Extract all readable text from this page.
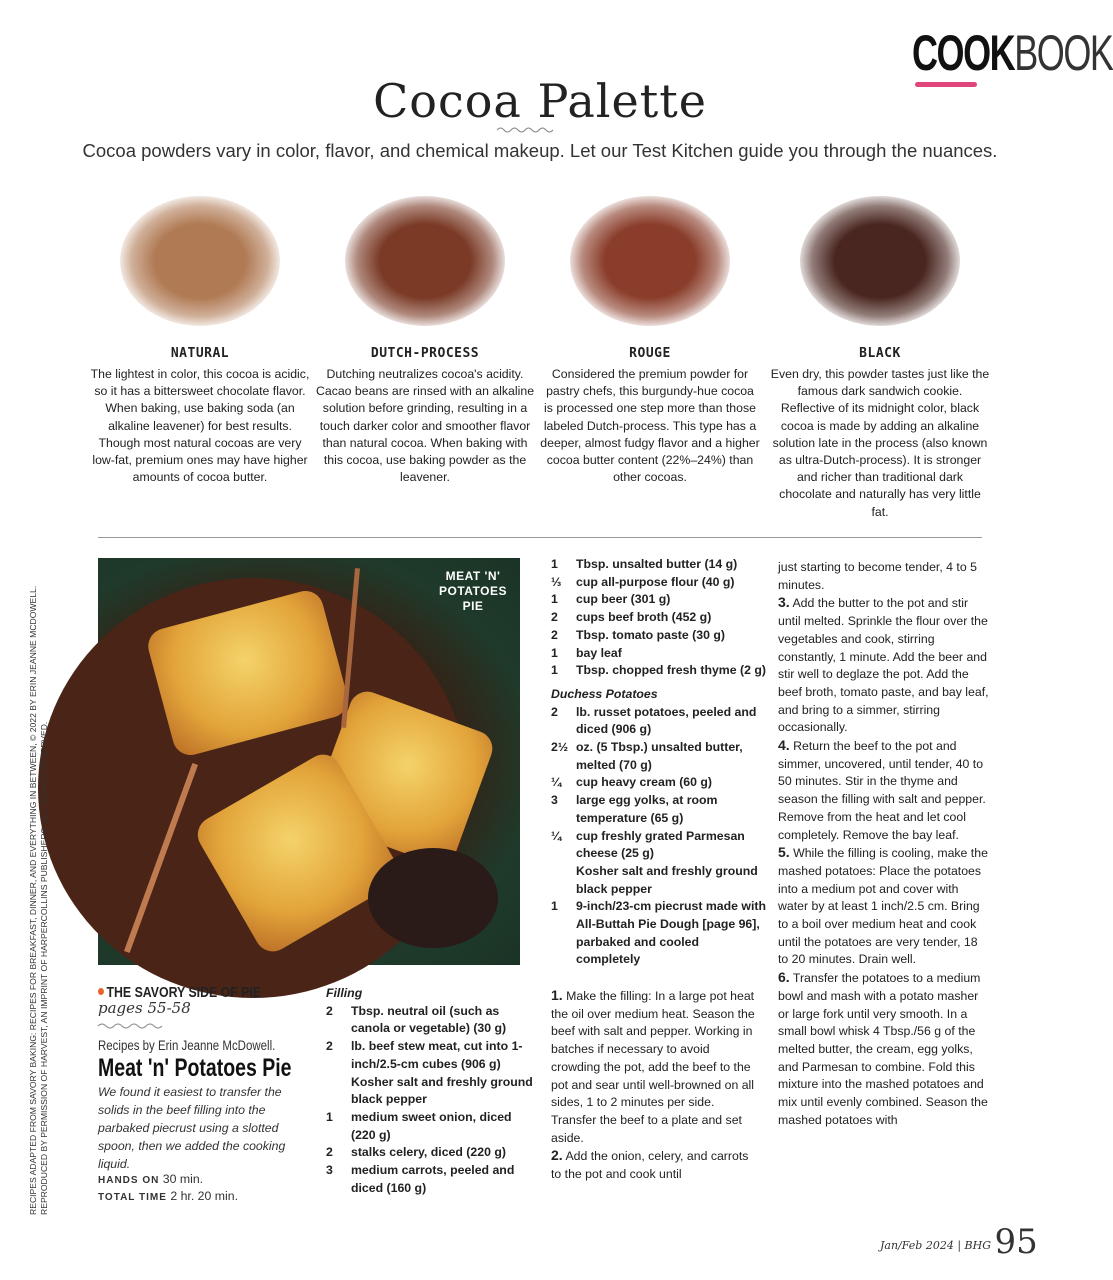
COOKBOOK
Cocoa Palette
Cocoa powders vary in color, flavor, and chemical makeup. Let our Test Kitchen guide you through the nuances.
NATURAL
The lightest in color, this cocoa is acidic, so it has a bittersweet chocolate flavor. When baking, use baking soda (an alkaline leavener) for best results. Though most natural cocoas are very low-fat, premium ones may have higher amounts of cocoa butter.
DUTCH-PROCESS
Dutching neutralizes cocoa's acidity. Cacao beans are rinsed with an alkaline solution before grinding, resulting in a touch darker color and smoother flavor than natural cocoa. When baking with this cocoa, use baking powder as the leavener.
ROUGE
Considered the premium powder for pastry chefs, this burgundy-hue cocoa is processed one step more than those labeled Dutch-process. This type has a deeper, almost fudgy flavor and a higher cocoa butter content (22%–24%) than other cocoas.
BLACK
Even dry, this powder tastes just like the famous dark sandwich cookie. Reflective of its midnight color, black cocoa is made by adding an alkaline solution late in the process (also known as ultra-Dutch-process). It is stronger and richer than traditional dark chocolate and naturally has very little fat.
MEAT 'N' POTATOES PIE
RECIPES ADAPTED FROM SAVORY BAKING: RECIPES FOR BREAKFAST, DINNER, AND EVERYTHING IN BETWEEN, © 2022 BY ERIN JEANNE MCDOWELL. REPRODUCED BY PERMISSION OF HARVEST, AN IMPRINT OF HARPERCOLLINS PUBLISHERS. ALL RIGHTS RESERVED.	THE SAVORY SIDE OF PIE
pages 55-58
Recipes by Erin Jeanne McDowell.
Meat 'n' Potatoes Pie
We found it easiest to transfer the solids in the beef filling into the parbaked piecrust using a slotted spoon, then we added the cooking liquid.
HANDS ON 30 min.
TOTAL TIME 2 hr. 20 min.
Filling
2	Tbsp. neutral oil (such as canola or vegetable) (30 g)
2	lb. beef stew meat, cut into 1-inch/2.5-cm cubes (906 g)
Kosher salt and freshly ground black pepper
1	medium sweet onion, diced (220 g)
2	stalks celery, diced (220 g)
3	medium carrots, peeled and diced (160 g)
1	Tbsp. unsalted butter (14 g)
⅓	cup all-purpose flour (40 g)
1	cup beer (301 g)
2	cups beef broth (452 g)
2	Tbsp. tomato paste (30 g)
1	bay leaf
1	Tbsp. chopped fresh thyme (2 g)
Duchess Potatoes
2	lb. russet potatoes, peeled and diced (906 g)
2½ oz. (5 Tbsp.) unsalted butter, melted (70 g)
¼	cup heavy cream (60 g)
3	large egg yolks, at room temperature (65 g)
¼	cup freshly grated Parmesan cheese (25 g)
Kosher salt and freshly ground black pepper
1	9-inch/23-cm piecrust made with All-Buttah Pie Dough [page 96], parbaked and cooled completely

1. Make the filling: In a large pot heat the oil over medium heat. Season the beef with salt and pepper. Working in batches if necessary to avoid crowding the pot, add the beef to the pot and sear until well-browned on all sides, 1 to 2 minutes per side. Transfer the beef to a plate and set aside.

2. Add the onion, celery, and carrots to the pot and cook until

just starting to become tender, 4 to 5 minutes.

3. Add the butter to the pot and stir until melted. Sprinkle the flour over the vegetables and cook, stirring constantly, 1 minute. Add the beer and stir well to deglaze the pot. Add the beef broth, tomato paste, and bay leaf, and bring to a simmer, stirring occasionally.

4. Return the beef to the pot and simmer, uncovered, until tender, 40 to 50 minutes. Stir in the thyme and season the filling with salt and pepper. Remove from the heat and let cool completely. Remove the bay leaf.

5. While the filling is cooling, make the mashed potatoes: Place the potatoes into a medium pot and cover with water by at least 1 inch/2.5 cm. Bring to a boil over medium heat and cook until the potatoes are very tender, 18 to 20 minutes. Drain well.

6. Transfer the potatoes to a medium bowl and mash with a potato masher or large fork until very smooth. In a small bowl whisk 4 Tbsp./56 g of the melted butter, the cream, egg yolks, and Parmesan to combine. Fold this mixture into the mashed potatoes and mix until evenly combined. Season the mashed potatoes with

Jan/Feb 2024 | BHG 95
